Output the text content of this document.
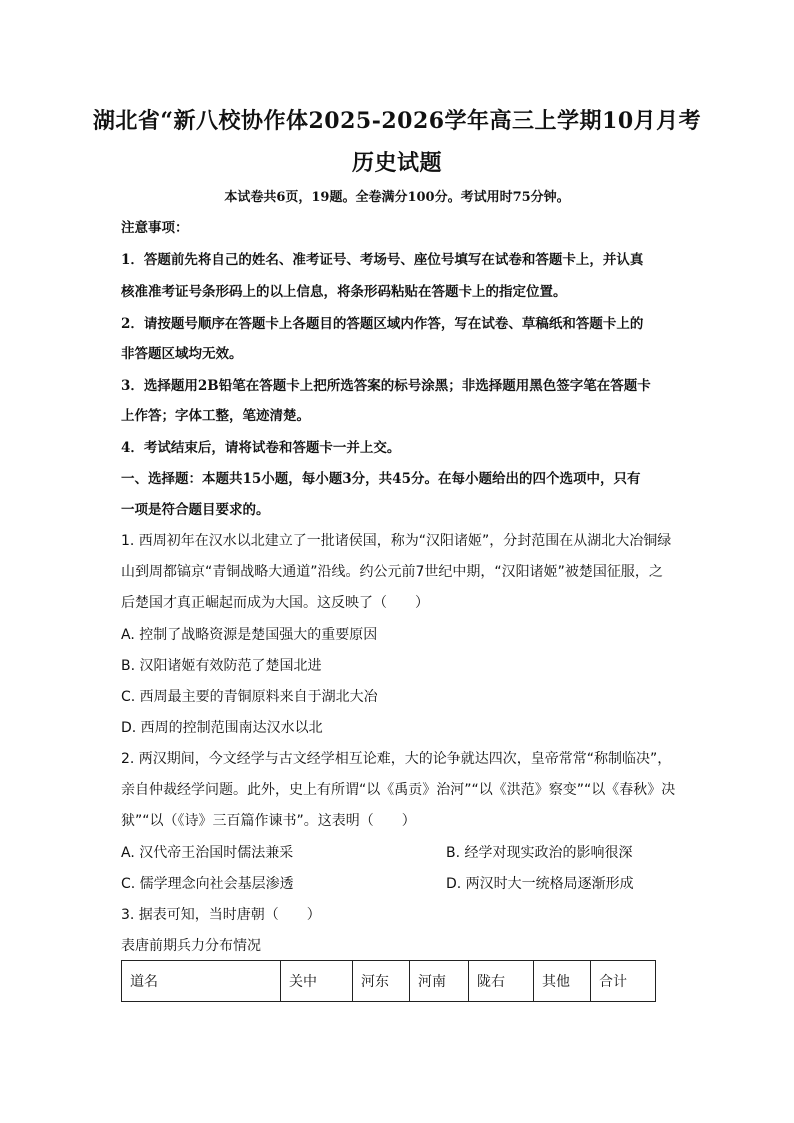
湖北省“新八校协作体2025-2026学年高三上学期10月月考
历史试题
本试卷共6页，19题。全卷满分100分。考试用时75分钟。
注意事项：
1．答题前先将自己的姓名、准考证号、考场号、座位号填写在试卷和答题卡上，并认真
核准准考证号条形码上的以上信息，将条形码粘贴在答题卡上的指定位置。
2．请按题号顺序在答题卡上各题目的答题区域内作答，写在试卷、草稿纸和答题卡上的
非答题区域均无效。
3．选择题用2B铅笔在答题卡上把所选答案的标号涂黑；非选择题用黑色签字笔在答题卡
上作答；字体工整，笔迹清楚。
4．考试结束后，请将试卷和答题卡一并上交。
一、选择题：本题共15小题，每小题3分，共45分。在每小题给出的四个选项中，只有
一项是符合题目要求的。
1. 西周初年在汉水以北建立了一批诸侯国，称为“汉阳诸姬”，分封范围在从湖北大冶铜绿
山到周都镐京“青铜战略大通道”沿线。约公元前7世纪中期，“汉阳诸姬”被楚国征服，之
后楚国才真正崛起而成为大国。这反映了（　　）
A. 控制了战略资源是楚国强大的重要原因
B. 汉阳诸姬有效防范了楚国北进
C. 西周最主要的青铜原料来自于湖北大冶
D. 西周的控制范围南达汉水以北
2. 两汉期间，今文经学与古文经学相互论难，大的论争就达四次，皇帝常常“称制临决”，
亲自仲裁经学问题。此外，史上有所谓“以《禹贡》治河”“以《洪范》察变”“以《春秋》决
狱”“以（《诗》三百篇作谏书”。这表明（　　）
A. 汉代帝王治国时儒法兼采	B. 经学对现实政治的影响很深
C. 儒学理念向社会基层渗透	D. 两汉时大一统格局逐渐形成
3. 据表可知，当时唐朝（　　）
表唐前期兵力分布情况
道名	关中	河东	河南	陇右	其他	合计
